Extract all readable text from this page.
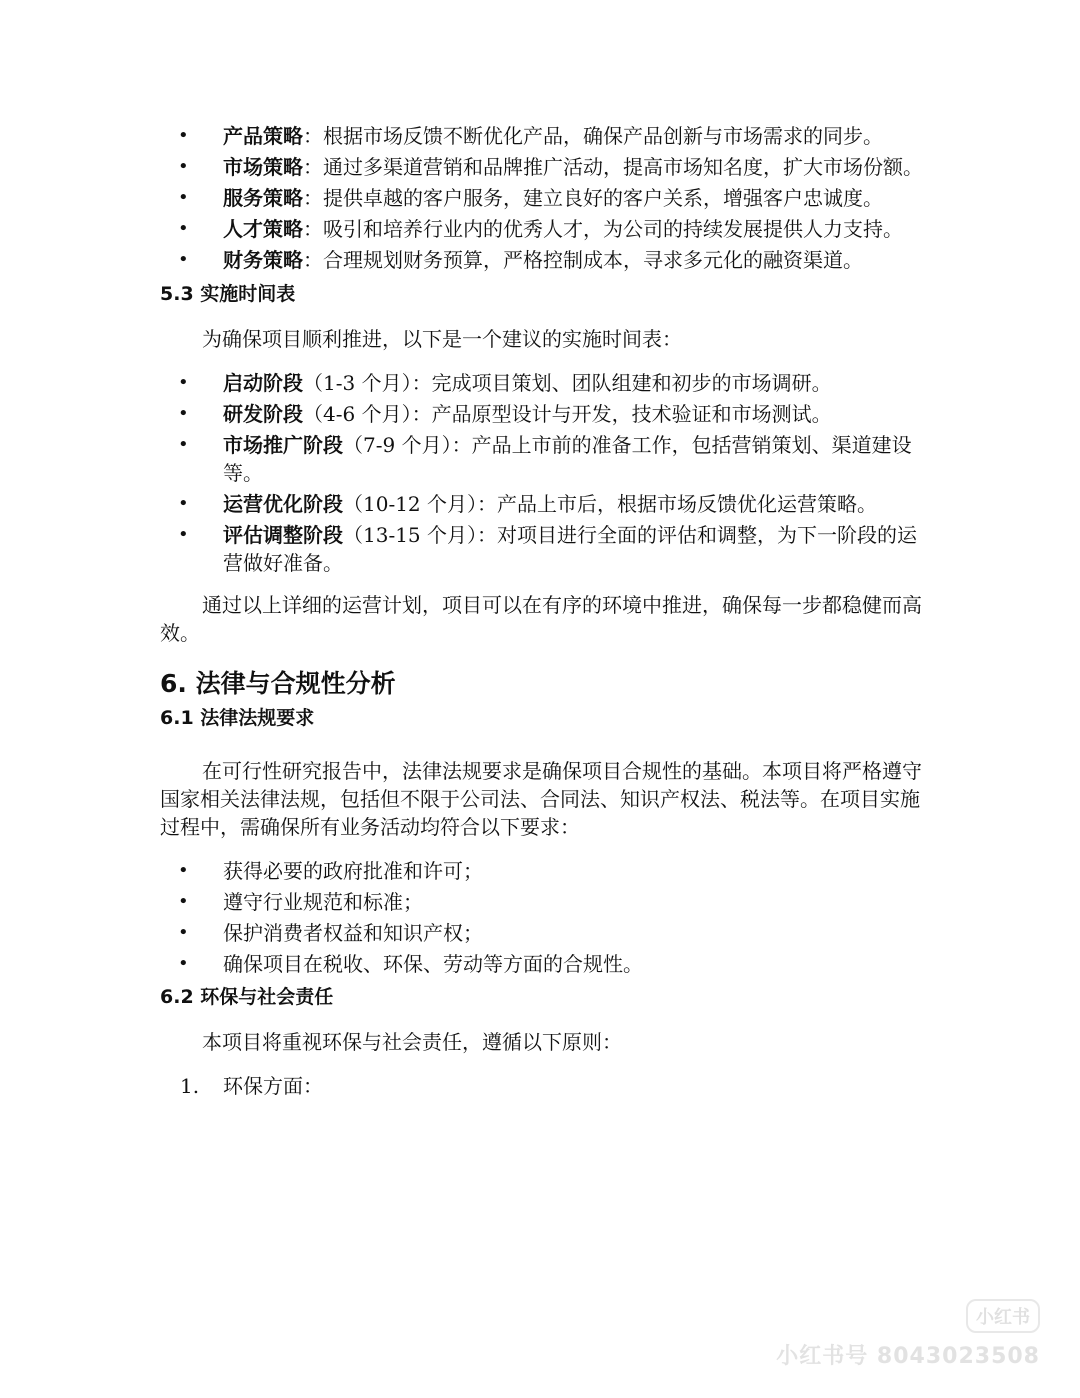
• 产品策略：根据市场反馈不断优化产品，确保产品创新与市场需求的同步。
• 市场策略：通过多渠道营销和品牌推广活动，提高市场知名度，扩大市场份额。
• 服务策略：提供卓越的客户服务，建立良好的客户关系，增强客户忠诚度。
• 人才策略：吸引和培养行业内的优秀人才，为公司的持续发展提供人力支持。
• 财务策略：合理规划财务预算，严格控制成本，寻求多元化的融资渠道。
5.3 实施时间表

为确保项目顺利推进，以下是一个建议的实施时间表：

• 启动阶段（1-3 个月）：完成项目策划、团队组建和初步的市场调研。
• 研发阶段（4-6 个月）：产品原型设计与开发，技术验证和市场测试。
• 市场推广阶段（7-9 个月）：产品上市前的准备工作，包括营销策划、渠道建设等。
• 运营优化阶段（10-12 个月）：产品上市后，根据市场反馈优化运营策略。
• 评估调整阶段（13-15 个月）：对项目进行全面的评估和调整，为下一阶段的运营做好准备。

通过以上详细的运营计划，项目可以在有序的环境中推进，确保每一步都稳健而高效。

6. 法律与合规性分析
6.1 法律法规要求

在可行性研究报告中，法律法规要求是确保项目合规性的基础。本项目将严格遵守国家相关法律法规，包括但不限于公司法、合同法、知识产权法、税法等。在项目实施过程中，需确保所有业务活动均符合以下要求：

• 获得必要的政府批准和许可；
• 遵守行业规范和标准；
• 保护消费者权益和知识产权；
• 确保项目在税收、环保、劳动等方面的合规性。
6.2 环保与社会责任

本项目将重视环保与社会责任，遵循以下原则：

1. 环保方面：
小红书
小红书号 8043023508
